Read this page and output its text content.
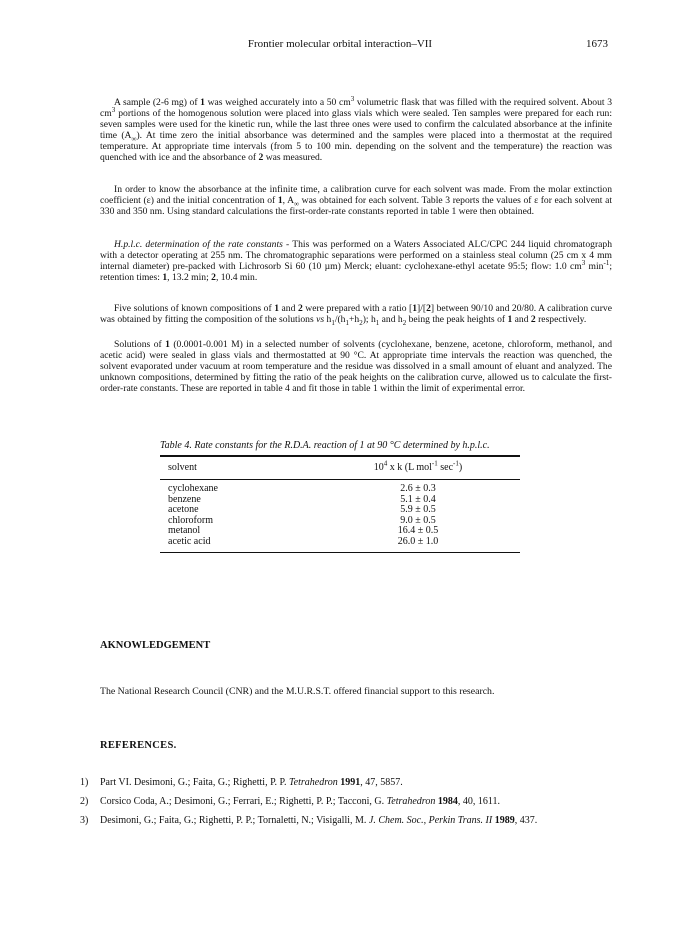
Frontier molecular orbital interaction–VII	1673

A sample (2-6 mg) of 1 was weighed accurately into a 50 $cm^3$ volumetric flask that was filled with the required solvent. About 3 $cm^3$ portions of the homogenous solution were placed into glass vials which were sealed. Ten samples were prepared for each run: seven samples were used for the kinetic run, while the last three ones were used to confirm the calculated absorbance at the infinite time $(A_\infty)$. At time zero the initial absorbance was determined and the samples were placed into a thermostat at the required temperature. At appropriate time intervals (from 5 to 100 min. depending on the solvent and the temperature) the reaction was quenched with ice and the absorbance of 2 was measured.

In order to know the absorbance at the infinite time, a calibration curve for each solvent was made. From the molar extinction coefficient (ε) and the initial concentration of 1, $A_\infty$ was obtained for each solvent. Table 3 reports the values of ε for each solvent at 330 and 350 nm. Using standard calculations the first-order-rate constants reported in table 1 were then obtained.

H.p.l.c. determination of the rate constants - This was performed on a Waters Associated ALC/CPC 244 liquid chromatograph with a detector operating at 255 nm. The chromatographic separations were performed on a stainless steal column (25 cm x 4 mm internal diameter) pre-packed with Lichrosorb Si 60 (10 µm) Merck; eluant: cyclohexane-ethyl acetate 95:5; flow: 1.0 $cm^3$ $\min^{-1}$; retention times: 1, 13.2 min; 2, 10.4 min.

Five solutions of known compositions of 1 and 2 were prepared with a ratio [1]/[2] between 90/10 and 20/80. A calibration curve was obtained by fitting the composition of the solutions vs $h_1/(h_1+h_2)$; $h_1$ and $h_2$ being the peak heights of 1 and 2 respectively.

Solutions of 1 (0.0001-0.001 M) in a selected number of solvents (cyclohexane, benzene, acetone, chloroform, methanol, and acetic acid) were sealed in glass vials and thermostatted at 90 °C. At appropriate time intervals the reaction was quenched, the solvent evaporated under vacuum at room temperature and the residue was dissolved in a small amount of eluant and analyzed. The unknown compositions, determined by fitting the ratio of the peak heights on the calibration curve, allowed us to calculate the first-order-rate constants. These are reported in table 4 and fit those in table 1 within the limit of experimental error.

Table 4. Rate constants for the R.D.A. reaction of 1 at 90 °C determined by h.p.l.c.
solvent	$10^4$ x k (L mol$^{-1}$ $\sec^{-1}$)
cyclohexane	2.6 ± 0.3
benzene	5.1 ± 0.4
acetone	5.9 ± 0.5
chloroform	9.0 ± 0.5
metanol	16.4 ± 0.5
acetic acid	26.0 ± 1.0
AKNOWLEDGEMENT
The National Research Council (CNR) and the M.U.R.S.T. offered financial support to this research.
REFERENCES.
1)	Part VI. Desimoni, G.; Faita, G.; Righetti, P. P. Tetrahedron 1991, 47, 5857.
2)	Corsico Coda, A.; Desimoni, G.; Ferrari, E.; Righetti, P. P.; Tacconi, G. Tetrahedron 1984, 40, 1611.
3)	Desimoni, G.; Faita, G.; Righetti, P. P.; Tornaletti, N.; Visigalli, M. J. Chem. Soc., Perkin Trans. II 1989, 437.
